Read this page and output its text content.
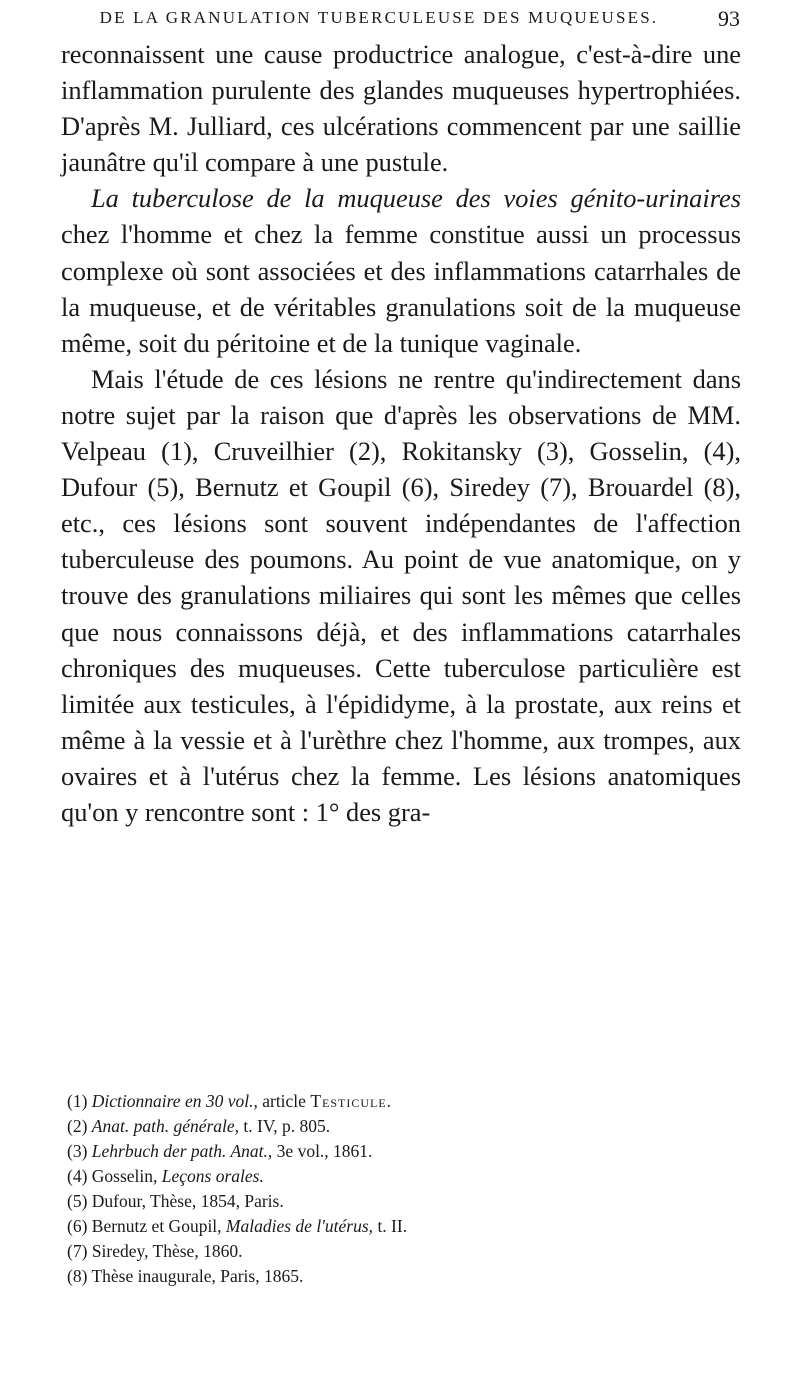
DE LA GRANULATION TUBERCULEUSE DES MUQUEUSES.	93

reconnaissent une cause productrice analogue, c'est-à-dire une inflammation purulente des glandes muqueuses hypertrophiées. D'après M. Julliard, ces ulcérations commencent par une saillie jaunâtre qu'il compare à une pustule.

La tuberculose de la muqueuse des voies génito-urinaires chez l'homme et chez la femme constitue aussi un processus complexe où sont associées et des inflammations catarrhales de la muqueuse, et de véritables granulations soit de la muqueuse même, soit du péritoine et de la tunique vaginale.

Mais l'étude de ces lésions ne rentre qu'indirectement dans notre sujet par la raison que d'après les observations de MM. Velpeau (1), Cruveilhier (2), Rokitansky (3), Gosselin, (4), Dufour (5), Bernutz et Goupil (6), Siredey (7), Brouardel (8), etc., ces lésions sont souvent indépendantes de l'affection tuberculeuse des poumons. Au point de vue anatomique, on y trouve des granulations miliaires qui sont les mêmes que celles que nous connaissons déjà, et des inflammations catarrhales chroniques des muqueuses. Cette tuberculose particulière est limitée aux testicules, à l'épididyme, à la prostate, aux reins et même à la vessie et à l'urèthre chez l'homme, aux trompes, aux ovaires et à l'utérus chez la femme. Les lésions anatomiques qu'on y rencontre sont : 1° des gra-

(1) Dictionnaire en 30 vol., article Testicule.

(2) Anat. path. générale, t. IV, p. 805.

(3) Lehrbuch der path. Anat., 3e vol., 1861.

(4) Gosselin, Leçons orales.

(5) Dufour, Thèse, 1854, Paris.

(6) Bernutz et Goupil, Maladies de l'utérus, t. II.

(7) Siredey, Thèse, 1860.

(8) Thèse inaugurale, Paris, 1865.
